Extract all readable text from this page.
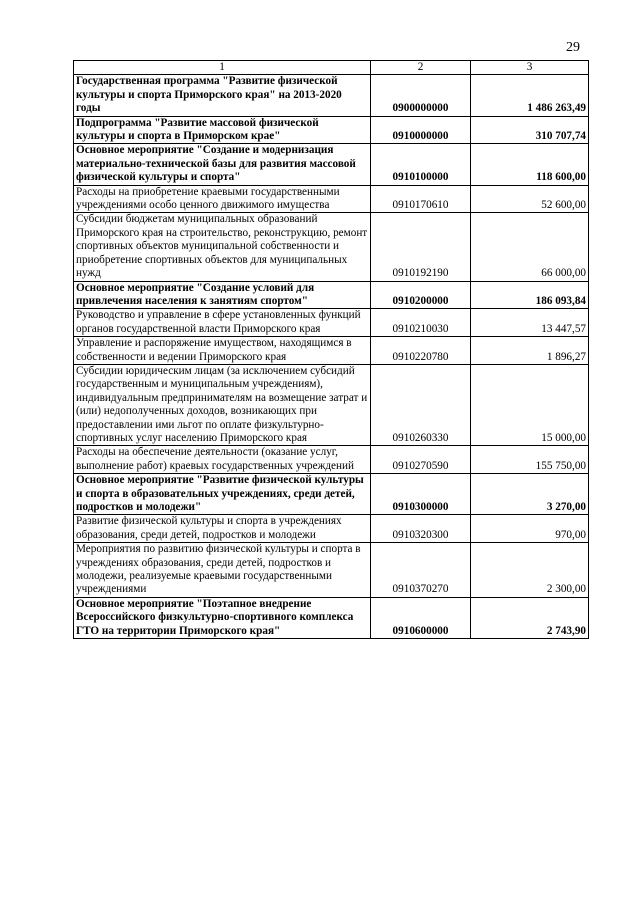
29
1	2	3
Государственная программа "Развитие физической культуры и спорта Приморского края" на 2013-2020 годы	0900000000	1 486 263,49
Подпрограмма "Развитие массовой физической культуры и спорта в Приморском крае"	0910000000	310 707,74
Основное мероприятие "Создание и модернизация материально-технической базы для развития массовой физической культуры и спорта"	0910100000	118 600,00
Расходы на приобретение краевыми государственными учреждениями особо ценного движимого имущества	0910170610	52 600,00
Субсидии бюджетам муниципальных образований Приморского края на строительство, реконструкцию, ремонт спортивных объектов муниципальной собственности и приобретение спортивных объектов для муниципальных нужд	0910192190	66 000,00
Основное мероприятие "Создание условий для привлечения населения к занятиям спортом"	0910200000	186 093,84
Руководство и управление в сфере установленных функций органов государственной власти Приморского края	0910210030	13 447,57
Управление и распоряжение имуществом, находящимся в собственности и ведении Приморского края	0910220780	1 896,27
Субсидии юридическим лицам (за исключением субсидий государственным и муниципальным учреждениям), индивидуальным предпринимателям на возмещение затрат и (или) недополученных доходов, возникающих при предоставлении ими льгот по оплате физкультурно-спортивных услуг населению Приморского края	0910260330	15 000,00
Расходы на обеспечение деятельности (оказание услуг, выполнение работ) краевых государственных учреждений	0910270590	155 750,00
Основное мероприятие "Развитие физической культуры и спорта в образовательных учреждениях, среди детей, подростков и молодежи"	0910300000	3 270,00
Развитие физической культуры и спорта в учреждениях образования, среди детей, подростков и молодежи	0910320300	970,00
Мероприятия по развитию физической культуры и спорта в учреждениях образования, среди детей, подростков и молодежи, реализуемые краевыми государственными учреждениями	0910370270	2 300,00
Основное мероприятие "Поэтапное внедрение Всероссийского физкультурно-спортивного комплекса ГТО на территории Приморского края"	0910600000	2 743,90
